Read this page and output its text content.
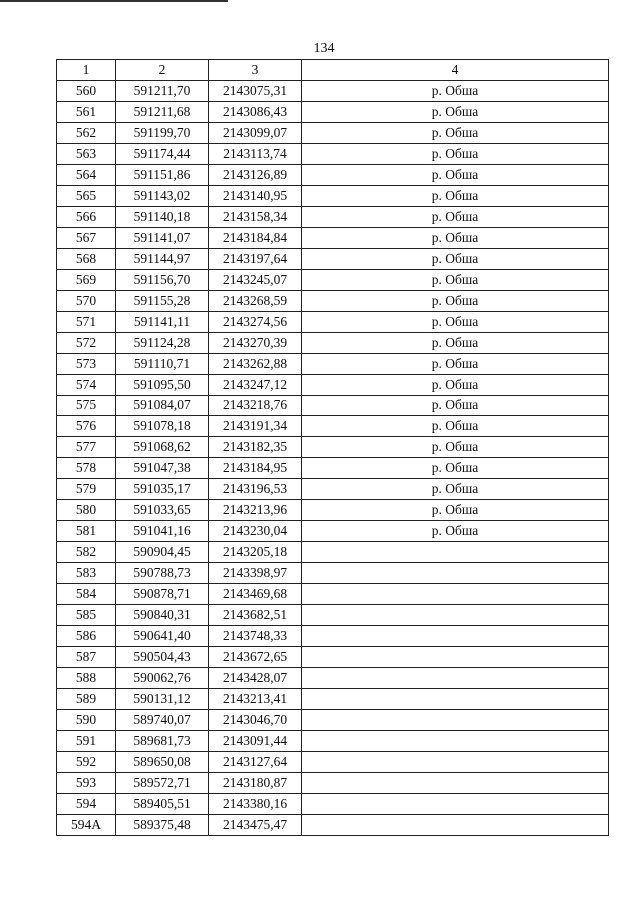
134
1	2	3	4
560	591211,70	2143075,31	р. Обша
561	591211,68	2143086,43	р. Обша
562	591199,70	2143099,07	р. Обша
563	591174,44	2143113,74	р. Обша
564	591151,86	2143126,89	р. Обша
565	591143,02	2143140,95	р. Обша
566	591140,18	2143158,34	р. Обша
567	591141,07	2143184,84	р. Обша
568	591144,97	2143197,64	р. Обша
569	591156,70	2143245,07	р. Обша
570	591155,28	2143268,59	р. Обша
571	591141,11	2143274,56	р. Обша
572	591124,28	2143270,39	р. Обша
573	591110,71	2143262,88	р. Обша
574	591095,50	2143247,12	р. Обша
575	591084,07	2143218,76	р. Обша
576	591078,18	2143191,34	р. Обша
577	591068,62	2143182,35	р. Обша
578	591047,38	2143184,95	р. Обша
579	591035,17	2143196,53	р. Обша
580	591033,65	2143213,96	р. Обша
581	591041,16	2143230,04	р. Обша
582	590904,45	2143205,18	
583	590788,73	2143398,97	
584	590878,71	2143469,68	
585	590840,31	2143682,51	
586	590641,40	2143748,33	
587	590504,43	2143672,65	
588	590062,76	2143428,07	
589	590131,12	2143213,41	
590	589740,07	2143046,70	
591	589681,73	2143091,44	
592	589650,08	2143127,64	
593	589572,71	2143180,87	
594	589405,51	2143380,16	
594А	589375,48	2143475,47	
